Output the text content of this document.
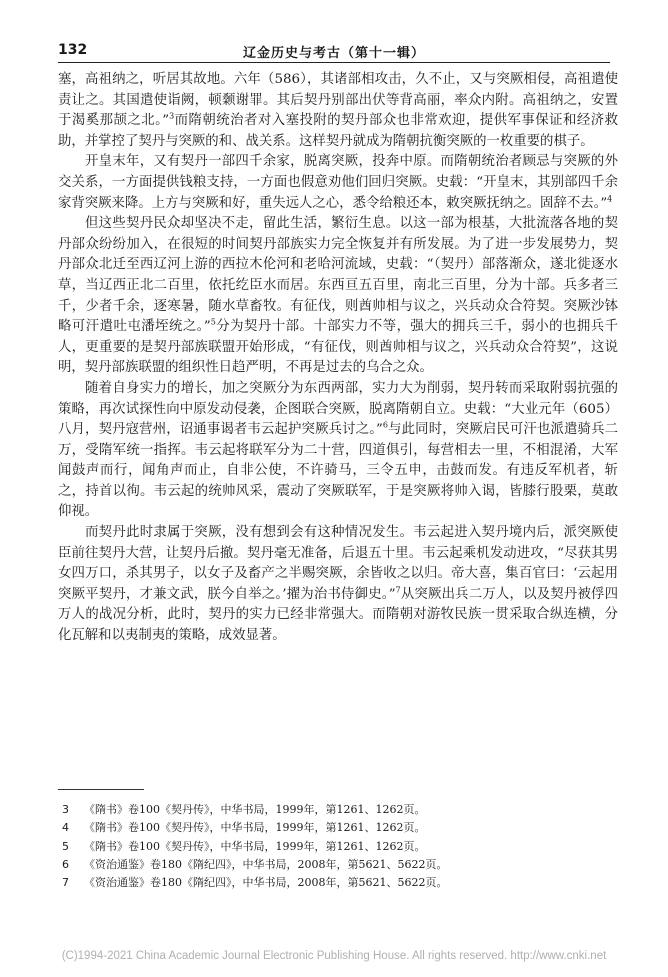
132	辽金历史与考古（第十一辑）

塞，高祖纳之，听居其故地。六年（586），其诸部相攻击，久不止，又与突厥相侵，高祖遣使责让之。其国遣使诣阙，顿颡谢罪。其后契丹别部出伏等背高丽，率众内附。高祖纳之，安置于渴奚那颉之北。”$^3$而隋朝统治者对入塞投附的契丹部众也非常欢迎，提供军事保证和经济救助，并掌控了契丹与突厥的和、战关系。这样契丹就成为隋朝抗衡突厥的一枚重要的棋子。

开皇末年，又有契丹一部四千余家，脱离突厥，投奔中原。而隋朝统治者顾忌与突厥的外交关系，一方面提供钱粮支持，一方面也假意劝他们回归突厥。史载：“开皇末，其别部四千余家背突厥来降。上方与突厥和好，重失远人之心，悉令给粮还本，敕突厥抚纳之。固辞不去。”$^4$

但这些契丹民众却坚决不走，留此生活，繁衍生息。以这一部为根基，大批流落各地的契丹部众纷纷加入，在很短的时间契丹部族实力完全恢复并有所发展。为了进一步发展势力，契丹部众北迁至西辽河上游的西拉木伦河和老哈河流域，史载：“（契丹）部落渐众，遂北徙逐水草，当辽西正北二百里，依托纥臣水而居。东西亘五百里，南北三百里，分为十部。兵多者三千，少者千余，逐寒暑，随水草畜牧。有征伐，则酋帅相与议之，兴兵动众合符契。突厥沙钵略可汗遣吐屯潘垤统之。”$^5$分为契丹十部。十部实力不等，强大的拥兵三千，弱小的也拥兵千人，更重要的是契丹部族联盟开始形成，“有征伐，则酋帅相与议之，兴兵动众合符契”，这说明，契丹部族联盟的组织性日趋严明，不再是过去的乌合之众。

随着自身实力的增长，加之突厥分为东西两部，实力大为削弱，契丹转而采取附弱抗强的策略，再次试探性向中原发动侵袭，企图联合突厥，脱离隋朝自立。史载：“大业元年（605）八月，契丹寇营州，诏通事谒者韦云起护突厥兵讨之。”$^6$与此同时，突厥启民可汗也派遣骑兵二万，受隋军统一指挥。韦云起将联军分为二十营，四道俱引，每营相去一里，不相混淆，大军闻鼓声而行，闻角声而止，自非公使，不许骑马，三令五申，击鼓而发。有违反军机者，斩之，持首以徇。韦云起的统帅风采，震动了突厥联军，于是突厥将帅入谒，皆膝行股栗，莫敢仰视。

而契丹此时隶属于突厥，没有想到会有这种情况发生。韦云起进入契丹境内后，派突厥使臣前往契丹大营，让契丹后撤。契丹毫无准备，后退五十里。韦云起乘机发动进攻，“尽获其男女四万口，杀其男子，以女子及畜产之半赐突厥，余皆收之以归。帝大喜，集百官曰：‘云起用突厥平契丹，才兼文武，朕今自举之。’擢为治书侍御史。”$^7$从突厥出兵二万人，以及契丹被俘四万人的战况分析，此时，契丹的实力已经非常强大。而隋朝对游牧民族一贯采取合纵连横，分化瓦解和以夷制夷的策略，成效显著。

3 《隋书》卷100《契丹传》，中华书局，1999年，第1261、1262页。
4 《隋书》卷100《契丹传》，中华书局，1999年，第1261、1262页。
5 《隋书》卷100《契丹传》，中华书局，1999年，第1261、1262页。
6 《资治通鉴》卷180《隋纪四》，中华书局，2008年，第5621、5622页。
7 《资治通鉴》卷180《隋纪四》，中华书局，2008年，第5621、5622页。
(C)1994-2021 China Academic Journal Electronic Publishing House. All rights reserved. http://www.cnki.net
